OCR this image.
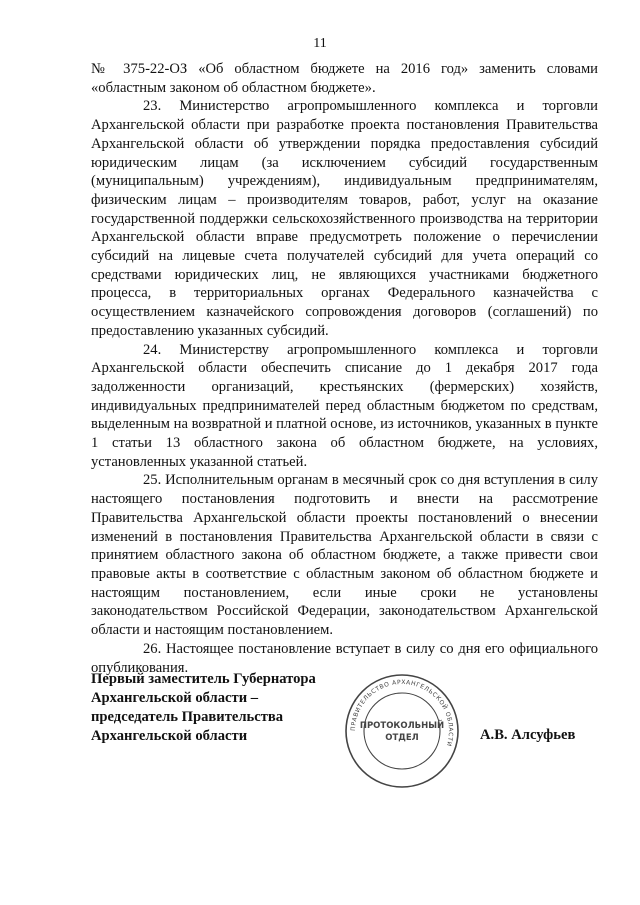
11

№ 375-22-ОЗ «Об областном бюджете на 2016 год» заменить словами «областным законом об областном бюджете».

23. Министерство агропромышленного комплекса и торговли Архангельской области при разработке проекта постановления Правительства Архангельской области об утверждении порядка предоставления субсидий юридическим лицам (за исключением субсидий государственным (муниципальным) учреждениям), индивидуальным предпринимателям, физическим лицам – производителям товаров, работ, услуг на оказание государственной поддержки сельскохозяйственного производства на территории Архангельской области вправе предусмотреть положение о перечислении субсидий на лицевые счета получателей субсидий для учета операций со средствами юридических лиц, не являющихся участниками бюджетного процесса, в территориальных органах Федерального казначейства с осуществлением казначейского сопровождения договоров (соглашений) по предоставлению указанных субсидий.

24. Министерству агропромышленного комплекса и торговли Архангельской области обеспечить списание до 1 декабря 2017 года задолженности организаций, крестьянских (фермерских) хозяйств, индивидуальных предпринимателей перед областным бюджетом по средствам, выделенным на возвратной и платной основе, из источников, указанных в пункте 1 статьи 13 областного закона об областном бюджете, на условиях, установленных указанной статьей.

25. Исполнительным органам в месячный срок со дня вступления в силу настоящего постановления подготовить и внести на рассмотрение Правительства Архангельской области проекты постановлений о внесении изменений в постановления Правительства Архангельской области в связи с принятием областного закона об областном бюджете, а также привести свои правовые акты в соответствие с областным законом об областном бюджете и настоящим постановлением, если иные сроки не установлены законодательством Российской Федерации, законодательством Архангельской области и настоящим постановлением.

26. Настоящее постановление вступает в силу со дня его официального опубликования.

Первый заместитель Губернатора
Архангельской области –
председатель Правительства
Архангельской области	ПРАВИТЕЛЬСТВО АРХАНГЕЛЬСКОЙ ОБЛАСТИ
ПРОТОКОЛЬНЫЙ
ОТДЕЛ	А.В. Алсуфьев
